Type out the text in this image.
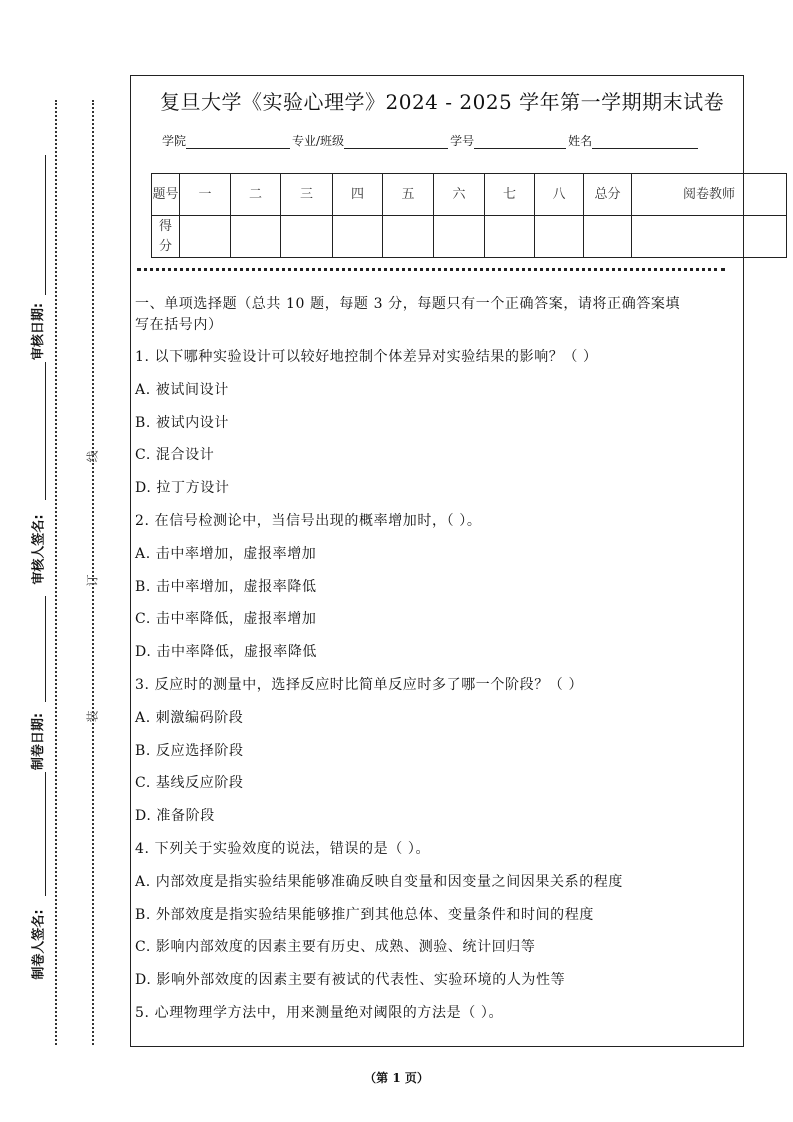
审核日期:
审核人签名:
制卷日期:
制卷人签名:
线
订
装
复旦大学《实验心理学》2024 - 2025 学年第一学期期末试卷
学院	专业/班级	学号	姓名
题号	一	二	三	四	五	六	七	八	总分	阅卷教师
得分										
一、单项选择题（总共 10 题，每题 3 分，每题只有一个正确答案，请将正确答案填
写在括号内）
1. 以下哪种实验设计可以较好地控制个体差异对实验结果的影响？（ ）
A. 被试间设计
B. 被试内设计
C. 混合设计
D. 拉丁方设计
2. 在信号检测论中，当信号出现的概率增加时，（ ）。
A. 击中率增加，虚报率增加
B. 击中率增加，虚报率降低
C. 击中率降低，虚报率增加
D. 击中率降低，虚报率降低
3. 反应时的测量中，选择反应时比简单反应时多了哪一个阶段？（ ）
A. 刺激编码阶段
B. 反应选择阶段
C. 基线反应阶段
D. 准备阶段
4. 下列关于实验效度的说法，错误的是（ ）。
A. 内部效度是指实验结果能够准确反映自变量和因变量之间因果关系的程度
B. 外部效度是指实验结果能够推广到其他总体、变量条件和时间的程度
C. 影响内部效度的因素主要有历史、成熟、测验、统计回归等
D. 影响外部效度的因素主要有被试的代表性、实验环境的人为性等
5. 心理物理学方法中，用来测量绝对阈限的方法是（ ）。
（第 1 页）
